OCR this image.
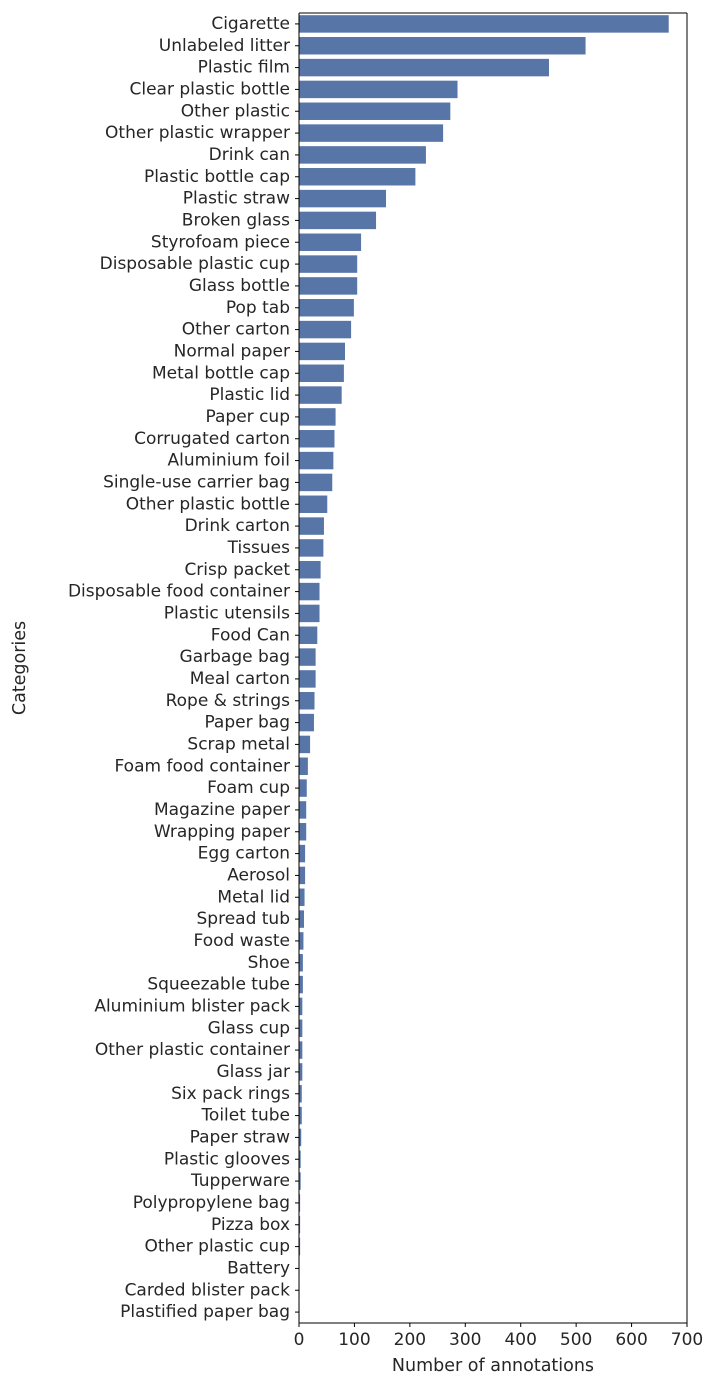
Cigarette
Unlabeled litter
Plastic film
Clear plastic bottle
Other plastic
Other plastic wrapper
Drink can
Plastic bottle cap
Plastic straw
Broken glass
Styrofoam piece
Disposable plastic cup
Glass bottle
Pop tab
Other carton
Normal paper
Metal bottle cap
Plastic lid
Paper cup
Corrugated carton
Aluminium foil
Single-use carrier bag
Other plastic bottle
Drink carton
Tissues
Crisp packet
Disposable food container
Plastic utensils
Food Can
Garbage bag
Meal carton
Rope & strings
Paper bag
Scrap metal
Foam food container
Foam cup
Magazine paper
Wrapping paper
Egg carton
Aerosol
Metal lid
Spread tub
Food waste
Shoe
Squeezable tube
Aluminium blister pack
Glass cup
Other plastic container
Glass jar
Six pack rings
Toilet tube
Paper straw
Plastic glooves
Tupperware
Polypropylene bag
Pizza box
Other plastic cup
Battery
Carded blister pack
Plastified paper bag
0 100 200 300 400 500 600 700
Number of annotations
Categories
